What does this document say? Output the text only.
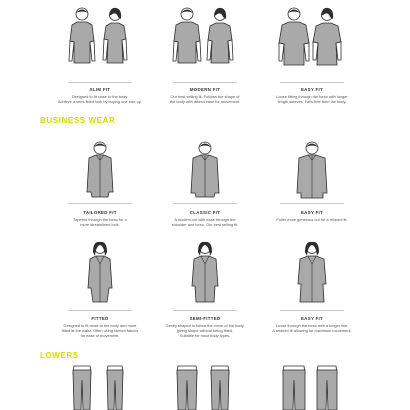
SLIM FIT
Designed to fit close to the body.
Achieve a semi-fitted look by buying one size up.
MODERN FIT
Our best selling fit. Follows the shape of
the body with added ease for movement.
EASY FIT
Loose fitting through the torso with longer
length sleeves. Falls free from the body.
BUSINESS WEAR
TAILORED FIT
Tapered through the torso for a
more streamlined look.
CLASSIC FIT
A modern cut with ease through the
shoulder and torso. Our best selling fit.
EASY FIT
Fuller more generous cut for a relaxed fit.
FITTED
Designed to fit close to the body and more
fitted at the waist. Often using stretch fabrics
for ease of movement.
SEMI-FITTED
Gently shaped to follow the curve of the body,
giving shape without being fitted.
Suitable for most body types.
EASY FIT
Loose through the torso with a longer line.
A relaxed fit allowing for maximum movement.
LOWERS
